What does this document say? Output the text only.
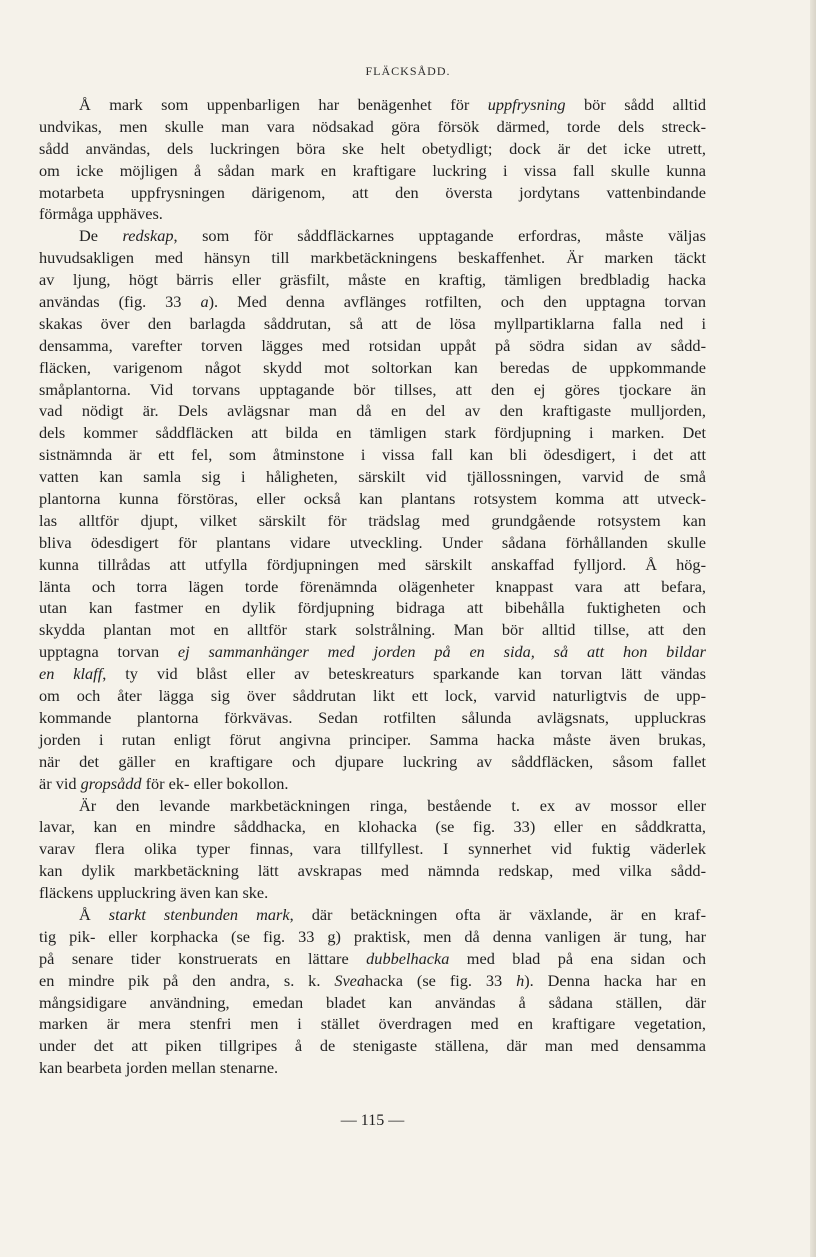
FLÄCKSÅDD.
Å mark som uppenbarligen har benägenhet för uppfrysning bör sådd alltid
undvikas, men skulle man vara nödsakad göra försök därmed, torde dels streck-
sådd användas, dels luckringen böra ske helt obetydligt; dock är det icke utrett,
om icke möjligen å sådan mark en kraftigare luckring i vissa fall skulle kunna
motarbeta uppfrysningen därigenom, att den översta jordytans vattenbindande
förmåga upphäves.
De redskap, som för såddfläckarnes upptagande erfordras, måste väljas
huvudsakligen med hänsyn till markbetäckningens beskaffenhet. Är marken täckt
av ljung, högt bärris eller gräsfilt, måste en kraftig, tämligen bredbladig hacka
användas (fig. 33 a). Med denna avflänges rotfilten, och den upptagna torvan
skakas över den barlagda såddrutan, så att de lösa myllpartiklarna falla ned i
densamma, varefter torven lägges med rotsidan uppåt på södra sidan av sådd-
fläcken, varigenom något skydd mot soltorkan kan beredas de uppkommande
småplantorna. Vid torvans upptagande bör tillses, att den ej göres tjockare än
vad nödigt är. Dels avlägsnar man då en del av den kraftigaste mulljorden,
dels kommer såddfläcken att bilda en tämligen stark fördjupning i marken. Det
sistnämnda är ett fel, som åtminstone i vissa fall kan bli ödesdigert, i det att
vatten kan samla sig i håligheten, särskilt vid tjällossningen, varvid de små
plantorna kunna förstöras, eller också kan plantans rotsystem komma att utveck-
las alltför djupt, vilket särskilt för trädslag med grundgående rotsystem kan
bliva ödesdigert för plantans vidare utveckling. Under sådana förhållanden skulle
kunna tillrådas att utfylla fördjupningen med särskilt anskaffad fylljord. Å hög-
länta och torra lägen torde förenämnda olägenheter knappast vara att befara,
utan kan fastmer en dylik fördjupning bidraga att bibehålla fuktigheten och
skydda plantan mot en alltför stark solstrålning. Man bör alltid tillse, att den
upptagna torvan ej sammanhänger med jorden på en sida, så att hon bildar
en klaff, ty vid blåst eller av beteskreaturs sparkande kan torvan lätt vändas
om och åter lägga sig över såddrutan likt ett lock, varvid naturligtvis de upp-
kommande plantorna förkvävas. Sedan rotfilten sålunda avlägsnats, uppluckras
jorden i rutan enligt förut angivna principer. Samma hacka måste även brukas,
när det gäller en kraftigare och djupare luckring av såddfläcken, såsom fallet
är vid gropsådd för ek- eller bokollon.
Är den levande markbetäckningen ringa, bestående t. ex av mossor eller
lavar, kan en mindre såddhacka, en klohacka (se fig. 33) eller en såddkratta,
varav flera olika typer finnas, vara tillfyllest. I synnerhet vid fuktig väderlek
kan dylik markbetäckning lätt avskrapas med nämnda redskap, med vilka sådd-
fläckens uppluckring även kan ske.
Å starkt stenbunden mark, där betäckningen ofta är växlande, är en kraf-
tig pik- eller korphacka (se fig. 33 g) praktisk, men då denna vanligen är tung, har
på senare tider konstruerats en lättare dubbelhacka med blad på ena sidan och
en mindre pik på den andra, s. k. Sveahacka (se fig. 33 h). Denna hacka har en
mångsidigare användning, emedan bladet kan användas å sådana ställen, där
marken är mera stenfri men i stället överdragen med en kraftigare vegetation,
under det att piken tillgripes å de stenigaste ställena, där man med densamma
kan bearbeta jorden mellan stenarne.
— 115 —
